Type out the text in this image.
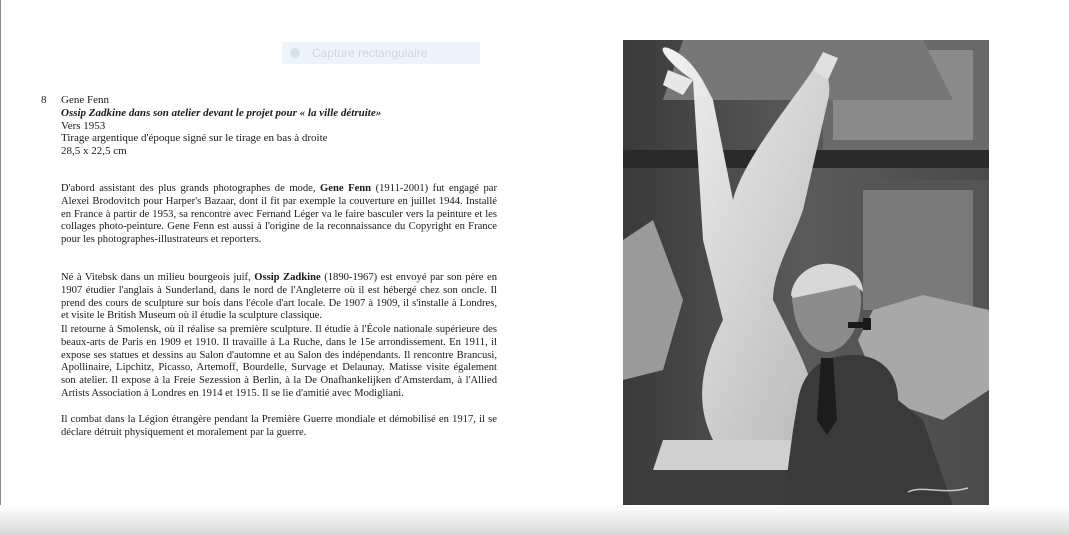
Capture rectangulaire
8 Gene Fenn
Ossip Zadkine dans son atelier devant le projet pour « la ville détruite»
Vers 1953
Tirage argentique d'époque signé sur le tirage en bas à droite
28,5 x 22,5 cm

D'abord assistant des plus grands photographes de mode, Gene Fenn (1911-2001) fut engagé par Alexei Brodovitch pour Harper's Bazaar, dont il fit par exemple la couverture en juillet 1944. Installé en France à partir de 1953, sa rencontre avec Fernand Léger va le faire basculer vers la peinture et les collages photo-peinture. Gene Fenn est aussi à l'origine de la reconnaissance du Copyright en France pour les photographes-illustrateurs et reporters.

Né à Vitebsk dans un milieu bourgeois juif, Ossip Zadkine (1890-1967) est envoyé par son père en 1907 étudier l'anglais à Sunderland, dans le nord de l'Angleterre où il est hébergé chez son oncle. Il prend des cours de sculpture sur bois dans l'école d'art locale. De 1907 à 1909, il s'installe à Londres, et visite le British Museum où il étudie la sculpture classique.

Il retourne à Smolensk, où il réalise sa première sculpture. Il étudie à l'École nationale supérieure des beaux-arts de Paris en 1909 et 1910. Il travaille à La Ruche, dans le 15e arrondissement. En 1911, il expose ses statues et dessins au Salon d'automne et au Salon des indépendants. Il rencontre Brancusi, Apollinaire, Lipchitz, Picasso, Artemoff, Bourdelle, Survage et Delaunay. Matisse visite également son atelier. Il expose à la Freie Sezession à Berlin, à la De Onafhankelijken d'Amsterdam, à l'Allied Artists Association à Londres en 1914 et 1915. Il se lie d'amitié avec Modigliani.

Il combat dans la Légion étrangère pendant la Première Guerre mondiale et démobilisé en 1917, il se déclare détruit physiquement et moralement par la guerre.
